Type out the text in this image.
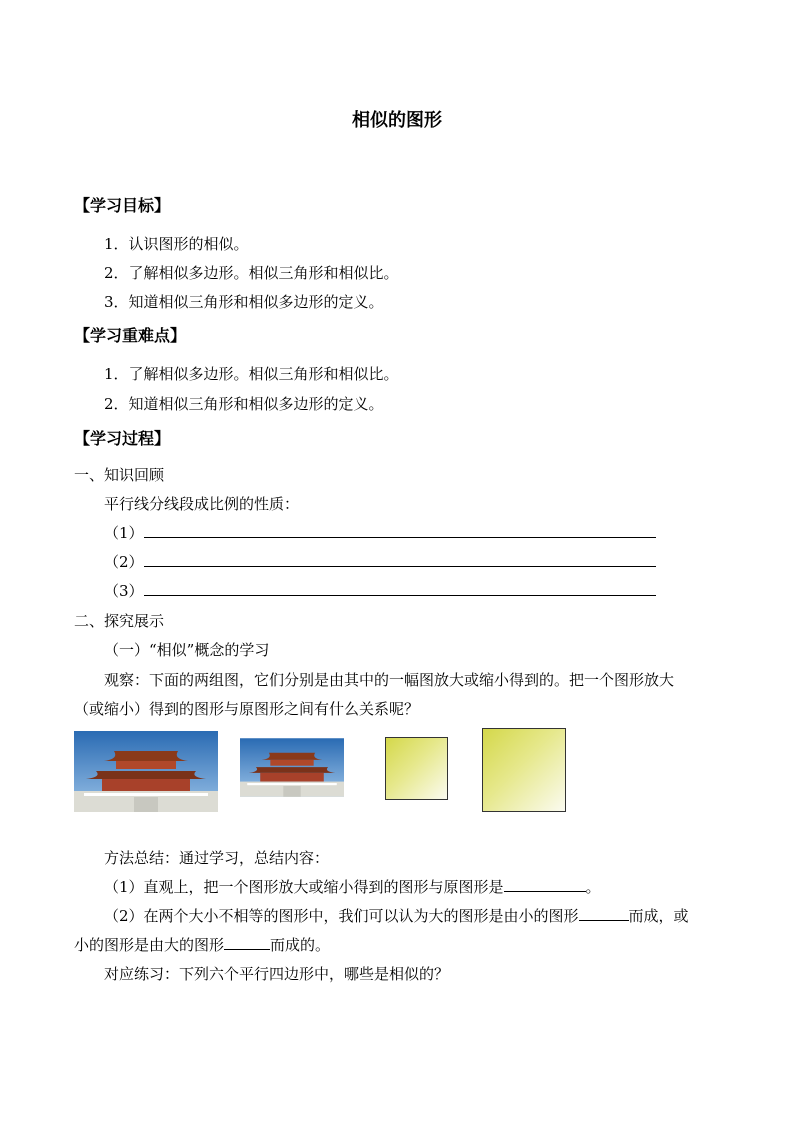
相似的图形
【学习目标】
1．认识图形的相似。
2．了解相似多边形。相似三角形和相似比。
3．知道相似三角形和相似多边形的定义。
【学习重难点】
1．了解相似多边形。相似三角形和相似比。
2．知道相似三角形和相似多边形的定义。
【学习过程】
一、知识回顾
平行线分线段成比例的性质：
（1）
（2）
（3）
二、探究展示
（一）“相似”概念的学习
观察：下面的两组图，它们分别是由其中的一幅图放大或缩小得到的。把一个图形放大
（或缩小）得到的图形与原图形之间有什么关系呢？
方法总结：通过学习，总结内容：
（1）直观上，把一个图形放大或缩小得到的图形与原图形是	。
（2）在两个大小不相等的图形中，我们可以认为大的图形是由小的图形	而成，或
小的图形是由大的图形	而成的。
对应练习：下列六个平行四边形中，哪些是相似的？
